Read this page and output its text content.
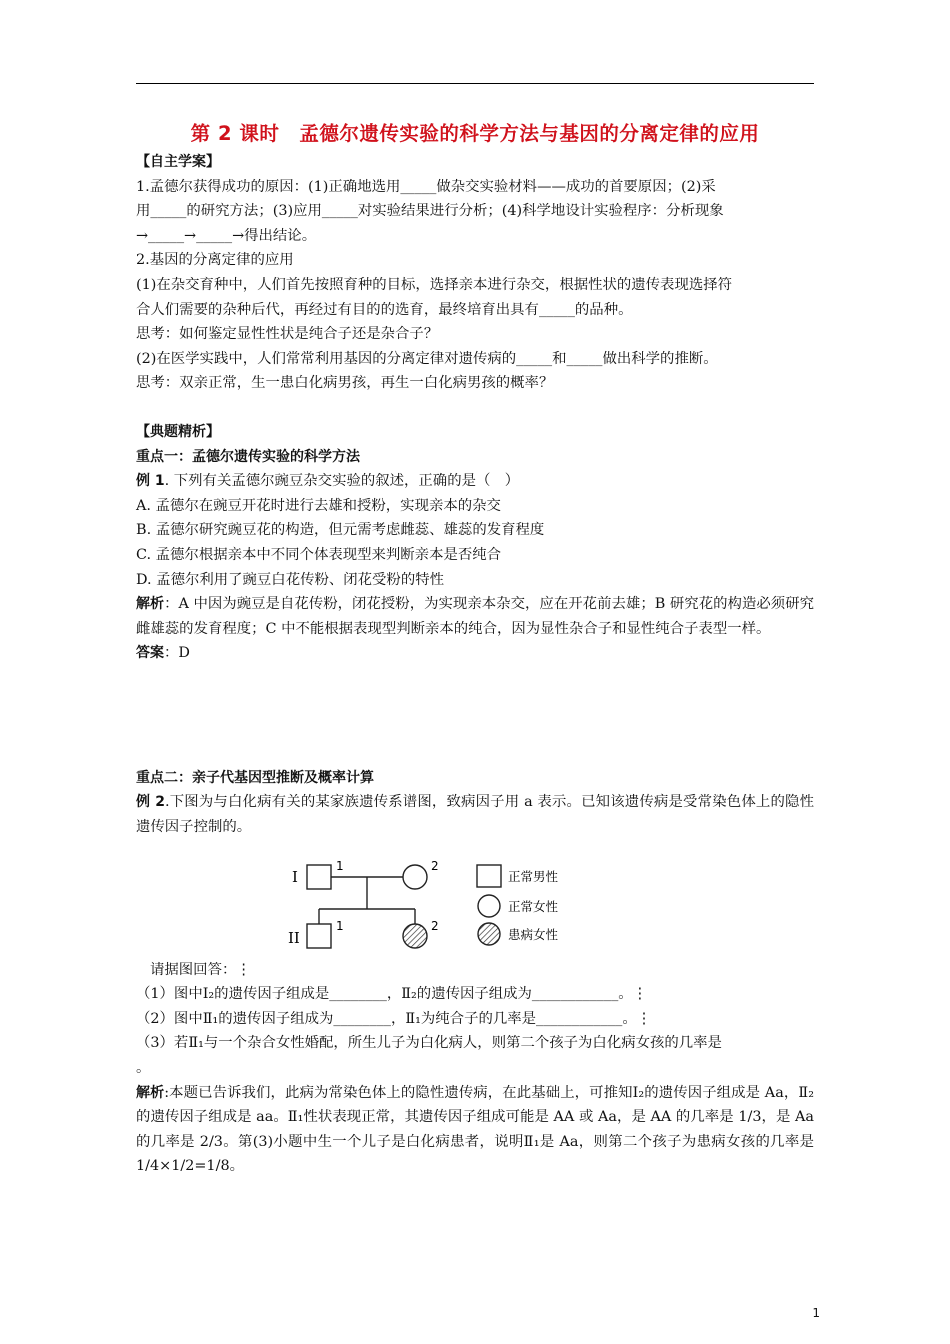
第 2 课时　孟德尔遗传实验的科学方法与基因的分离定律的应用

【自主学案】

1.孟德尔获得成功的原因：(1)正确地选用_____做杂交实验材料——成功的首要原因；(2)采

用_____的研究方法；(3)应用_____对实验结果进行分析；(4)科学地设计实验程序：分析现象

→_____→_____→得出结论。

2.基因的分离定律的应用

(1)在杂交育种中，人们首先按照育种的目标，选择亲本进行杂交，根据性状的遗传表现选择符

合人们需要的杂种后代，再经过有目的的选育，最终培育出具有_____的品种。

思考：如何鉴定显性性状是纯合子还是杂合子？

(2)在医学实践中，人们常常利用基因的分离定律对遗传病的_____和_____做出科学的推断。

思考：双亲正常，生一患白化病男孩，再生一白化病男孩的概率？

【典题精析】

重点一：孟德尔遗传实验的科学方法

例 1. 下列有关孟德尔豌豆杂交实验的叙述，正确的是（　）

A. 孟德尔在豌豆开花时进行去雄和授粉，实现亲本的杂交

B. 孟德尔研究豌豆花的构造，但元需考虑雌蕊、雄蕊的发育程度

C. 孟德尔根据亲本中不同个体表现型来判断亲本是否纯合

D. 孟德尔利用了豌豆白花传粉、闭花受粉的特性

解析：A 中因为豌豆是自花传粉，闭花授粉，为实现亲本杂交，应在开花前去雄；B 研究花的构造必须研究雌雄蕊的发育程度；C 中不能根据表现型判断亲本的纯合，因为显性杂合子和显性纯合子表型一样。

答案：D

重点二：亲子代基因型推断及概率计算

例 2.下图为与白化病有关的某家族遗传系谱图，致病因子用 a 表示。已知该遗传病是受常染色体上的隐性遗传因子控制的。

I
II
1	2
1	2
正常男性
正常女性
患病女性

请据图回答：⋮

（1）图中Ⅰ₂的遗传因子组成是________，Ⅱ₂的遗传因子组成为____________。⋮

（2）图中Ⅱ₁的遗传因子组成为________，Ⅱ₁为纯合子的几率是____________。⋮

（3）若Ⅱ₁与一个杂合女性婚配，所生儿子为白化病人，则第二个孩子为白化病女孩的几率是

。

解析:本题已告诉我们，此病为常染色体上的隐性遗传病，在此基础上，可推知Ⅰ₂的遗传因子组成是 Aa，Ⅱ₂的遗传因子组成是 aa。Ⅱ₁性状表现正常，其遗传因子组成可能是 AA 或 Aa，是 AA 的几率是 1/3，是 Aa 的几率是 2/3。第(3)小题中生一个儿子是白化病患者，说明Ⅱ₁是 Aa，则第二个孩子为患病女孩的几率是 1/4×1/2=1/8。

1
